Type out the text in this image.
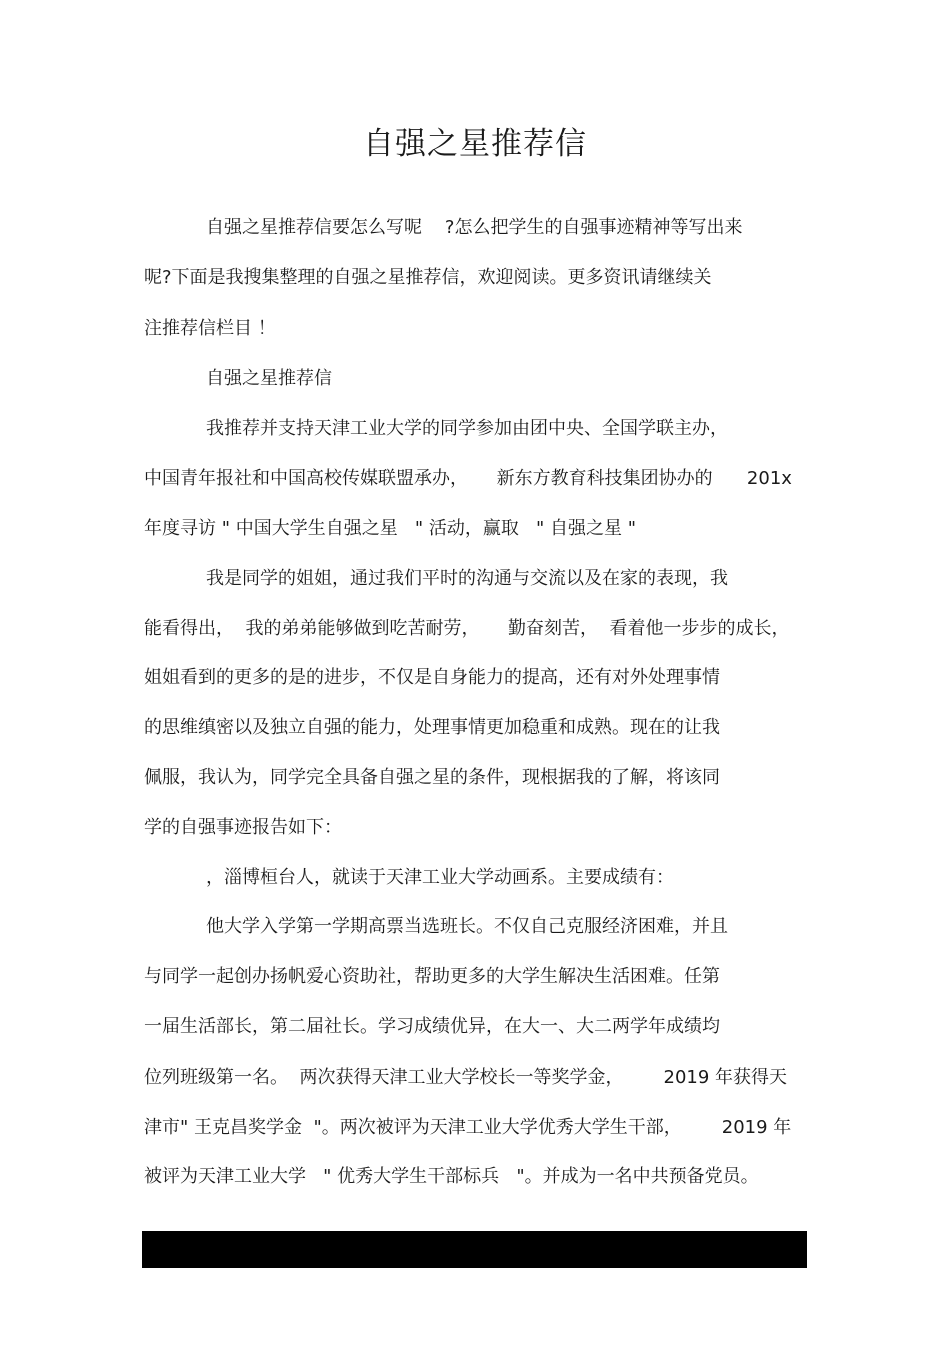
自强之星推荐信
自强之星推荐信要怎么写呢    ?怎么把学生的自强事迹精神等写出来
呢?下面是我搜集整理的自强之星推荐信，欢迎阅读。更多资讯请继续关
注推荐信栏目 ！
自强之星推荐信
我推荐并支持天津工业大学的同学参加由团中央、全国学联主办，
中国青年报社和中国高校传媒联盟承办，     新东方教育科技集团协办的      201x
年度寻访 " 中国大学生自强之星   " 活动，赢取   " 自强之星 "
我是同学的姐姐，通过我们平时的沟通与交流以及在家的表现，我
能看得出，  我的弟弟能够做到吃苦耐劳，     勤奋刻苦，  看着他一步步的成长，
姐姐看到的更多的是的进步，不仅是自身能力的提高，还有对外处理事情
的思维缜密以及独立自强的能力，处理事情更加稳重和成熟。现在的让我
佩服，我认为，同学完全具备自强之星的条件，现根据我的了解，将该同
学的自强事迹报告如下：
，淄博桓台人，就读于天津工业大学动画系。主要成绩有：
他大学入学第一学期高票当选班长。不仅自己克服经济困难，并且
与同学一起创办扬帆爱心资助社，帮助更多的大学生解决生活困难。任第
一届生活部长，第二届社长。学习成绩优异，在大一、大二两学年成绩均
位列班级第一名。  两次获得天津工业大学校长一等奖学金，       2019 年获得天
津市" 王克昌奖学金  "。两次被评为天津工业大学优秀大学生干部，       2019 年
被评为天津工业大学   " 优秀大学生干部标兵   "。并成为一名中共预备党员。
